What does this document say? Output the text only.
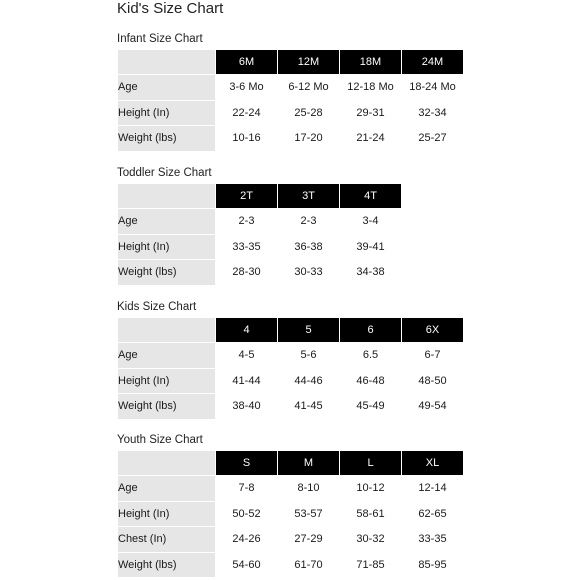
Kid's Size Chart
Infant Size Chart
	6M	12M	18M	24M
Age	3-6 Mo	6-12 Mo	12-18 Mo	18-24 Mo
Height (In)	22-24	25-28	29-31	32-34
Weight (lbs)	10-16	17-20	21-24	25-27
Toddler Size Chart
	2T	3T	4T
Age	2-3	2-3	3-4
Height (In)	33-35	36-38	39-41
Weight (lbs)	28-30	30-33	34-38
Kids Size Chart
	4	5	6	6X
Age	4-5	5-6	6.5	6-7
Height (In)	41-44	44-46	46-48	48-50
Weight (lbs)	38-40	41-45	45-49	49-54
Youth Size Chart
	S	M	L	XL
Age	7-8	8-10	10-12	12-14
Height (In)	50-52	53-57	58-61	62-65
Chest (In)	24-26	27-29	30-32	33-35
Weight (lbs)	54-60	61-70	71-85	85-95
